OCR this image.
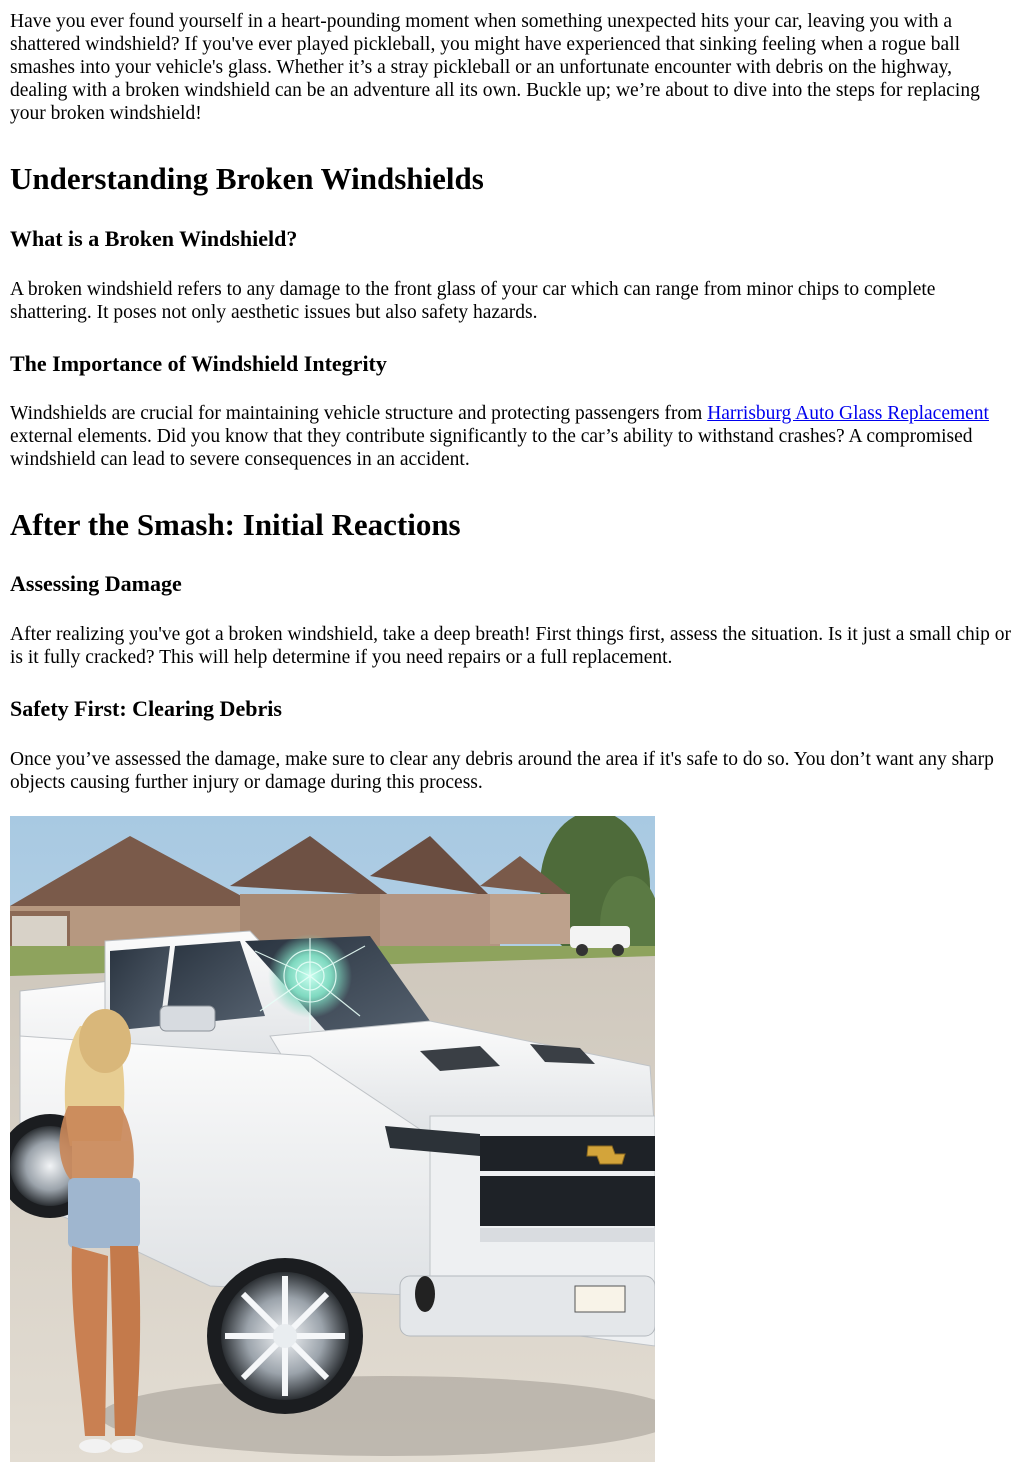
Have you ever found yourself in a heart-pounding moment when something unexpected hits your car, leaving you with a shattered windshield? If you've ever played pickleball, you might have experienced that sinking feeling when a rogue ball smashes into your vehicle's glass. Whether it’s a stray pickleball or an unfortunate encounter with debris on the highway, dealing with a broken windshield can be an adventure all its own. Buckle up; we’re about to dive into the steps for replacing your broken windshield!

Understanding Broken Windshields
What is a Broken Windshield?

A broken windshield refers to any damage to the front glass of your car which can range from minor chips to complete shattering. It poses not only aesthetic issues but also safety hazards.

The Importance of Windshield Integrity

Windshields are crucial for maintaining vehicle structure and protecting passengers from Harrisburg Auto Glass Replacement external elements. Did you know that they contribute significantly to the car’s ability to withstand crashes? A compromised windshield can lead to severe consequences in an accident.

After the Smash: Initial Reactions
Assessing Damage

After realizing you've got a broken windshield, take a deep breath! First things first, assess the situation. Is it just a small chip or is it fully cracked? This will help determine if you need repairs or a full replacement.

Safety First: Clearing Debris

Once you’ve assessed the damage, make sure to clear any debris around the area if it's safe to do so. You don’t want any sharp objects causing further injury or damage during this process.
